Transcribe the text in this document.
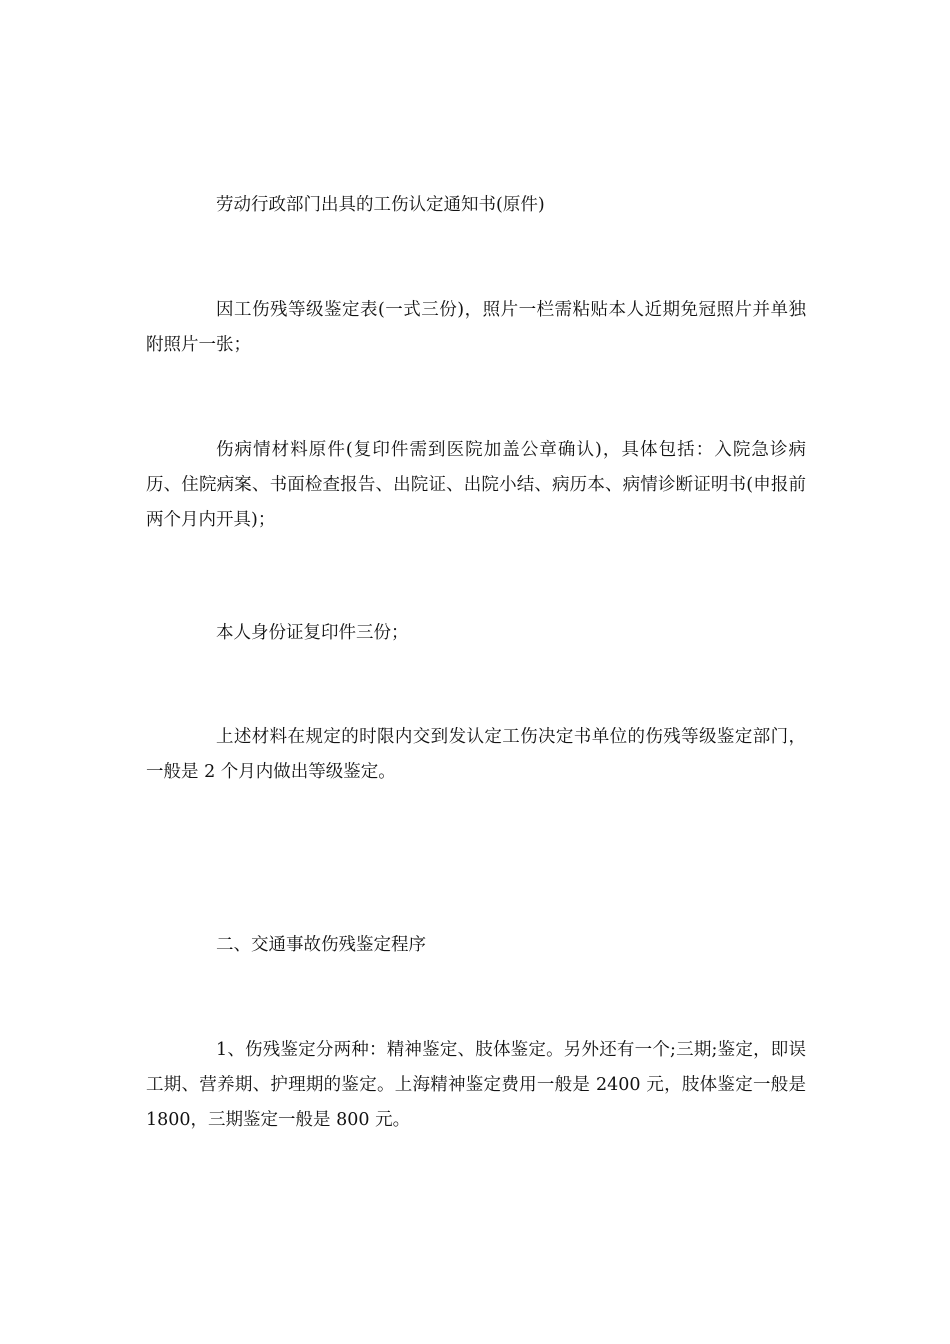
劳动行政部门出具的工伤认定通知书(原件)

因工伤残等级鉴定表(一式三份)，照片一栏需粘贴本人近期免冠照片并单独附照片一张；

伤病情材料原件(复印件需到医院加盖公章确认)，具体包括：入院急诊病历、住院病案、书面检查报告、出院证、出院小结、病历本、病情诊断证明书(申报前两个月内开具)；

本人身份证复印件三份；

上述材料在规定的时限内交到发认定工伤决定书单位的伤残等级鉴定部门，一般是 2 个月内做出等级鉴定。

二、交通事故伤残鉴定程序

1、伤残鉴定分两种：精神鉴定、肢体鉴定。另外还有一个;三期;鉴定，即误工期、营养期、护理期的鉴定。上海精神鉴定费用一般是 2400 元，肢体鉴定一般是 1800，三期鉴定一般是 800 元。
